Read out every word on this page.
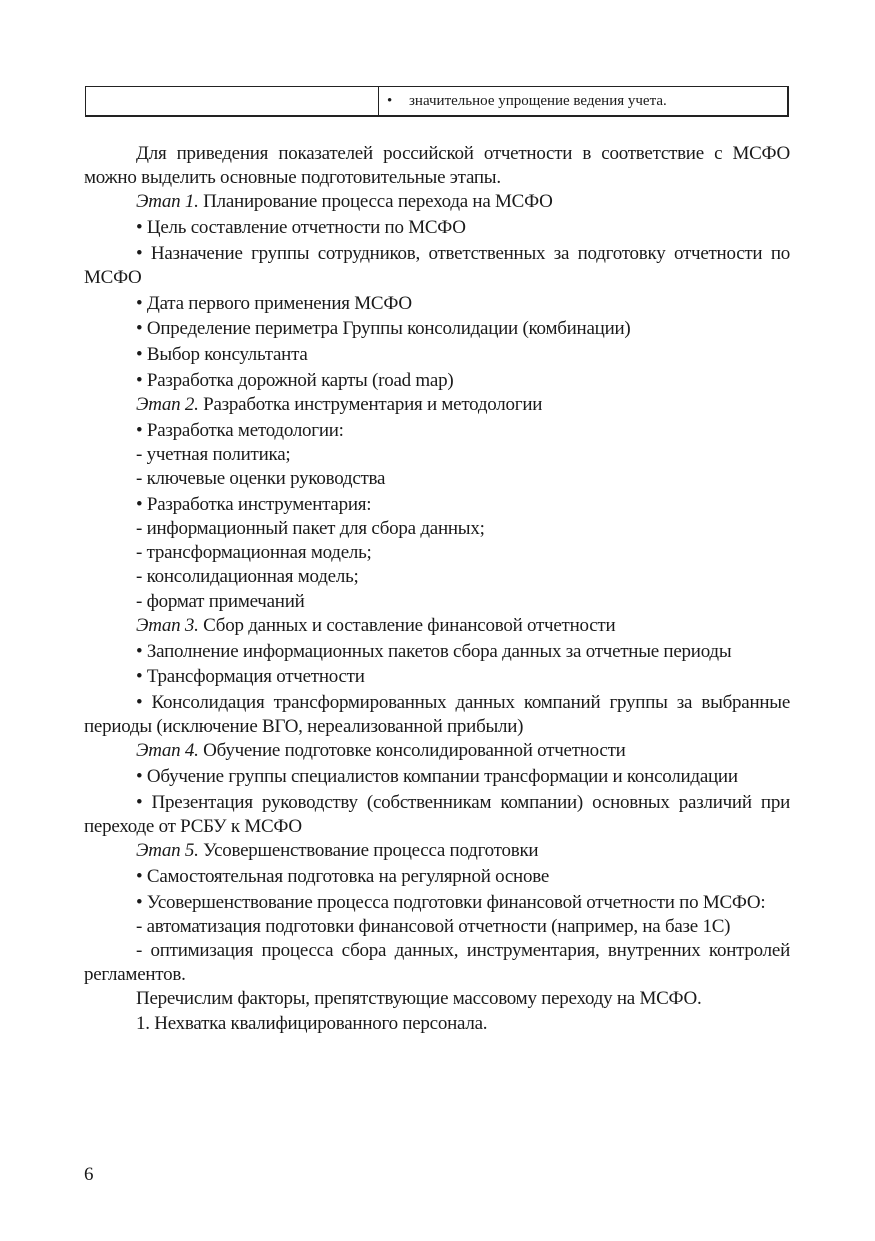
• значительное упрощение ведения учета.

Для приведения показателей российской отчетности в соответствие с МСФО можно выделить основные подготовительные этапы.

Этап 1. Планирование процесса перехода на МСФО

• Цель составление отчетности по МСФО

• Назначение группы сотрудников, ответственных за подготовку отчетности по МСФО

• Дата первого применения МСФО

• Определение периметра Группы консолидации (комбинации)

• Выбор консультанта

• Разработка дорожной карты (road map)

Этап 2. Разработка инструментария и методологии

• Разработка методологии:

- учетная политика;

- ключевые оценки руководства

• Разработка инструментария:

- информационный пакет для сбора данных;

- трансформационная модель;

- консолидационная модель;

- формат примечаний

Этап 3. Сбор данных и составление финансовой отчетности

• Заполнение информационных пакетов сбора данных за отчетные периоды

• Трансформация отчетности

• Консолидация трансформированных данных компаний группы за выбранные периоды (исключение ВГО, нереализованной прибыли)

Этап 4. Обучение подготовке консолидированной отчетности

• Обучение группы специалистов компании трансформации и консолидации

• Презентация руководству (собственникам компании) основных различий при переходе от РСБУ к МСФО

Этап 5. Усовершенствование процесса подготовки

• Самостоятельная подготовка на регулярной основе

• Усовершенствование процесса подготовки финансовой отчетности по МСФО:

- автоматизация подготовки финансовой отчетности (например, на базе 1С)

- оптимизация процесса сбора данных, инструментария, внутренних контролей регламентов.

Перечислим факторы, препятствующие массовому переходу на МСФО.

1. Нехватка квалифицированного персонала.

6
